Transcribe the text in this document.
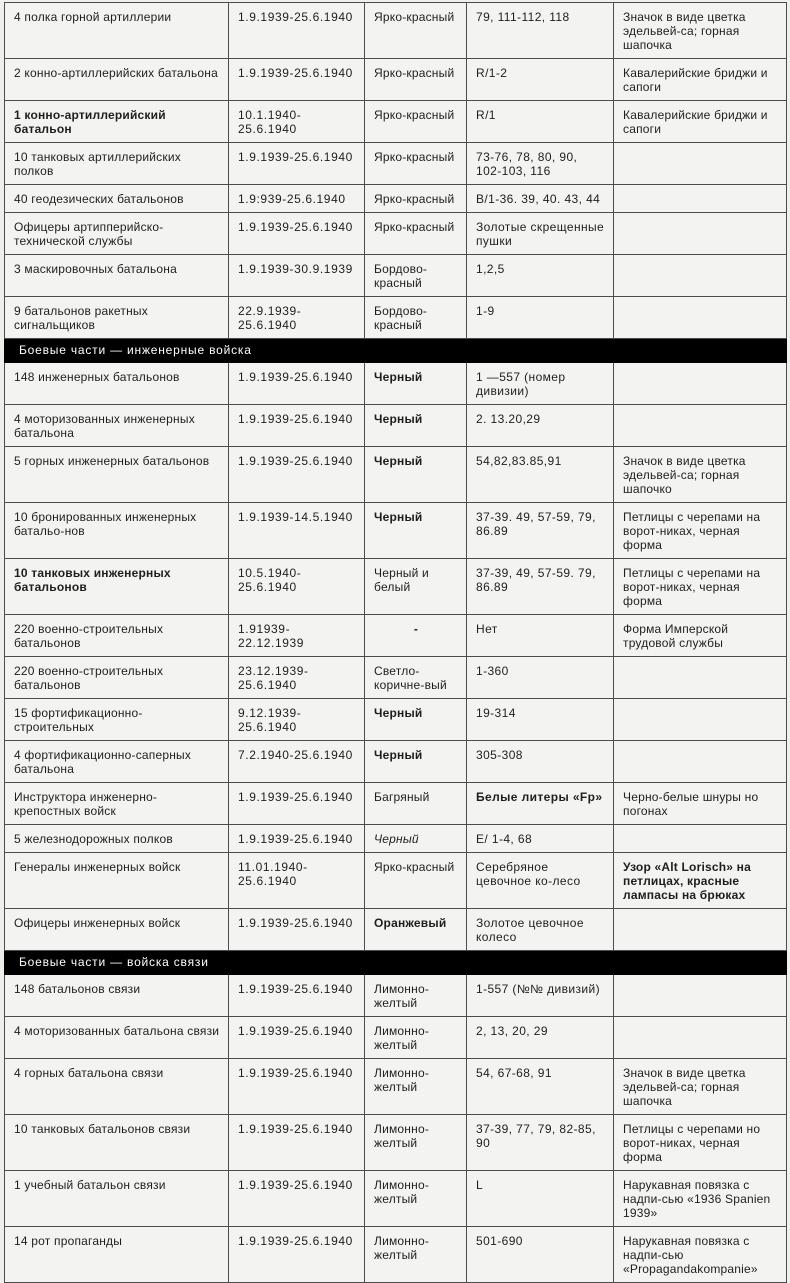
4 полка горной артиллерии	1.9.1939-25.6.1940	Ярко-красный	79, 111-112, 118	Значок в виде цветка эдельвей-са; горная шапочка
2 конно-артиллерийских батальона	1.9.1939-25.6.1940	Ярко-красный	R/1-2	Кавалерийские бриджи и сапоги
1 конно-артиллерийский батальон	10.1.1940-25.6.1940	Ярко-красный	R/1	Кавалерийские бриджи и сапоги
10 танковых артиллерийских полков	1.9.1939-25.6.1940	Ярко-красный	73-76, 78, 80, 90, 102-103, 116	
40 геодезических батальонов	1.9:939-25.6.1940	Ярко-красный	B/1-36. 39, 40. 43, 44	
Офицеры артипперийско-технической службы	1.9.1939-25.6.1940	Ярко-красный	Золотые скрещенные пушки	
3 маскировочных батальона	1.9.1939-30.9.1939	Бордово-красный	1,2,5	
9 батальонов ракетных сигнальщиков	22.9.1939-25.6.1940	Бордово-красный	1-9	
Боевые части — инженерные войска				
148 инженерных батальонов	1.9.1939-25.6.1940	Черный	1 —557 (номер дивизии)	
4 моторизованных инженерных батальона	1.9.1939-25.6.1940	Черный	2. 13.20,29	
5 горных инженерных батальонов	1.9.1939-25.6.1940	Черный	54,82,83.85,91	Значок в виде цветка эдельвей-са; горная шапочко
10 бронированных инженерных батальо-нов	1.9.1939-14.5.1940	Черный	37-39. 49, 57-59, 79, 86.89	Петлицы с черепами на ворот-никах, черная форма
10 танковых инженерных батальонов	10.5.1940-25.6.1940	Черный и белый	37-39, 49, 57-59. 79, 86.89	Петлицы с черепами на ворот-никах, черная форма
220 военно-строительных батальонов	1.91939-22.12.1939	-	Нет	Форма Имперской трудовой службы
220 военно-строительных батальонов	23.12.1939-25.6.1940	Светло-коричне-вый	1-360	
15 фортификационно-строительных	9.12.1939-25.6.1940	Черный	19-314	
4 фортификационно-саперных батальона	7.2.1940-25.6.1940	Черный	305-308	
Инструктора инженерно-крепостных войск	1.9.1939-25.6.1940	Багряный	Белые литеры «Fp»	Черно-белые шнуры но погонах
5 железнодорожных полков	1.9.1939-25.6.1940	Черный	E/ 1-4, 68	
Генералы инженерных войск	11.01.1940-25.6.1940	Ярко-красный	Серебряное цевочное ко-лесо	Узор «Alt Lorisch» на петлицах, красные лампасы на брюках
Офицеры инженерных войск	1.9.1939-25.6.1940	Оранжевый	Золотое цевочное колесо	
Боевые части — войска связи				
148 батальонов связи	1.9.1939-25.6.1940	Лимонно-желтый	1-557 (№№ дивизий)	
4 моторизованных батальона связи	1.9.1939-25.6.1940	Лимонно-желтый	2, 13, 20, 29	
4 горных батальона связи	1.9.1939-25.6.1940	Лимонно-желтый	54, 67-68, 91	Значок в виде цветка эдельвей-са; горная шапочка
10 танковых батальонов связи	1.9.1939-25.6.1940	Лимонно-желтый	37-39, 77, 79, 82-85, 90	Петлицы с черепами но ворот-никах, черная форма
1 учебный батальон связи	1.9.1939-25.6.1940	Лимонно-желтый	L	Нарукавная повязка с надпи-сью «1936 Spanien 1939»
14 рот пропаганды	1.9.1939-25.6.1940	Лимонно-желтый	501-690	Нарукавная повязка с надпи-сью «Propagandakompanie»
